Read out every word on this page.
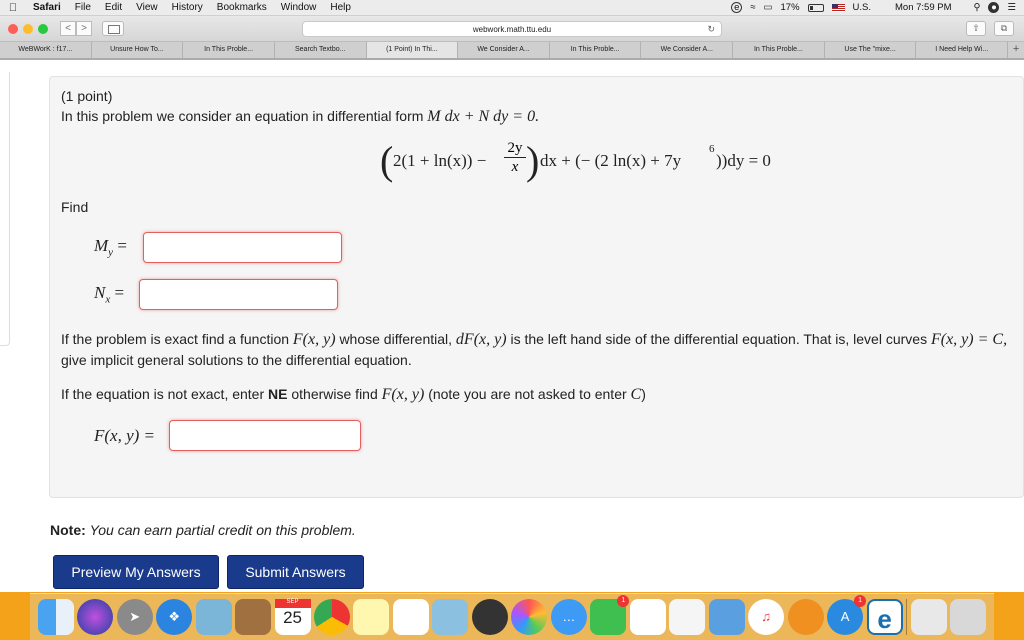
Safari	File	Edit	View	History	Bookmarks	Window	Help	e	≈ ▭ 17%	U.S.	Mon 7:59 PM ⚲ ● ☰
<	>	webwork.math.ttu.edu	↻	⇧	⧉
WeBWorK : f17...	Unsure How To...	In This Proble...	Search Textbo...	(1 Point) In Thi...	We Consider A...	In This Proble...	We Consider A...	In This Proble...	Use The "mixe...	I Need Help Wi...	+
(1 point)
In this problem we consider an equation in differential form M dx + N dy = 0.
( $2(1 + \ln(x)) - \frac{2y}{x}$ ) dx + (− (2 ln(x) + 7y
6
))dy = 0
Find
$M_y$ =
$N_x$ =
If the problem is exact find a function F(x, y) whose differential, dF(x, y) is the left hand side of the differential equation. That is, level curves F(x, y) = C, give implicit general solutions to the differential equation.
If the equation is not exact, enter NE otherwise find F(x, y) (note you are not asked to enter C)
F(x, y) =
Note: You can earn partial credit on this problem.
Preview My Answers	Submit Answers
➤	❖
SEP
25	…
1
♫	A
1
e
